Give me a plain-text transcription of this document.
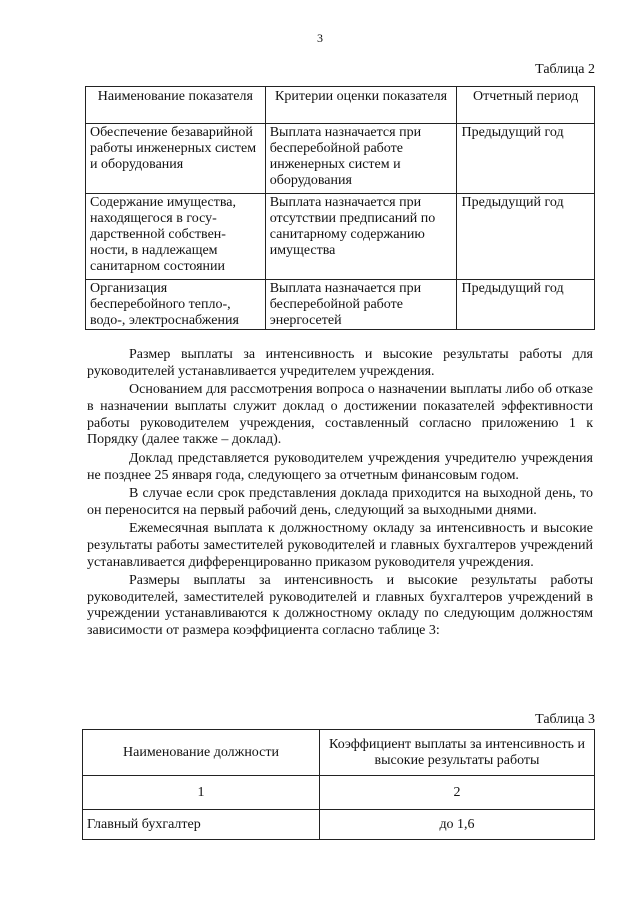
3
Таблица 2
Наименование показателя	Критерии оценки показателя	Отчетный период
Обеспечение безаварийной работы инженерных систем и оборудования	Выплата назначается при бесперебойной работе инженерных систем и оборудования	Предыдущий год
Содержание имущества, находящегося в госу-дарственной собствен-ности, в надлежащем санитарном состоянии	Выплата назначается при отсутствии предписаний по санитарному содержанию имущества	Предыдущий год
Организация бесперебойного тепло-, водо-, электроснабжения	Выплата назначается при бесперебойной работе энергосетей	Предыдущий год

Размер выплаты за интенсивность и высокие результаты работы для руководителей устанавливается учредителем учреждения.

Основанием для рассмотрения вопроса о назначении выплаты либо об отказе в назначении выплаты служит доклад о достижении показателей эффективности работы руководителем учреждения, составленный согласно приложению 1 к Порядку (далее также – доклад).

Доклад представляется руководителем учреждения учредителю учреждения не позднее 25 января года, следующего за отчетным финансовым годом.

В случае если срок представления доклада приходится на выходной день, то он переносится на первый рабочий день, следующий за выходными днями.

Ежемесячная выплата к должностному окладу за интенсивность и высокие результаты работы заместителей руководителей и главных бухгалтеров учреждений устанавливается дифференцированно приказом руководителя учреждения.

Размеры выплаты за интенсивность и высокие результаты работы руководителей, заместителей руководителей и главных бухгалтеров учреждений в учреждении устанавливаются к должностному окладу по следующим должностям зависимости от размера коэффициента согласно таблице 3:

Таблица 3
Наименование должности	Коэффициент выплаты за интенсивность и высокие результаты работы
1	2
Главный бухгалтер	до 1,6
